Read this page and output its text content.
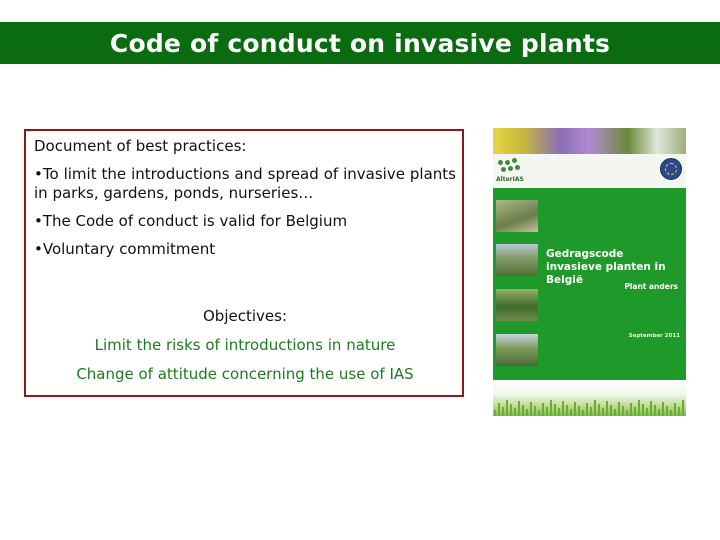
Code of conduct on invasive plants

Document of best practices:

•To limit the introductions and spread of invasive plants in parks, gardens, ponds, nurseries…

•The Code of conduct is valid for Belgium

•Voluntary commitment

Objectives:

Limit the risks of introductions in nature

Change of attitude concerning the use of IAS

AlterIAS
Gedragscode invasieve planten in België
Plant anders
September 2011
